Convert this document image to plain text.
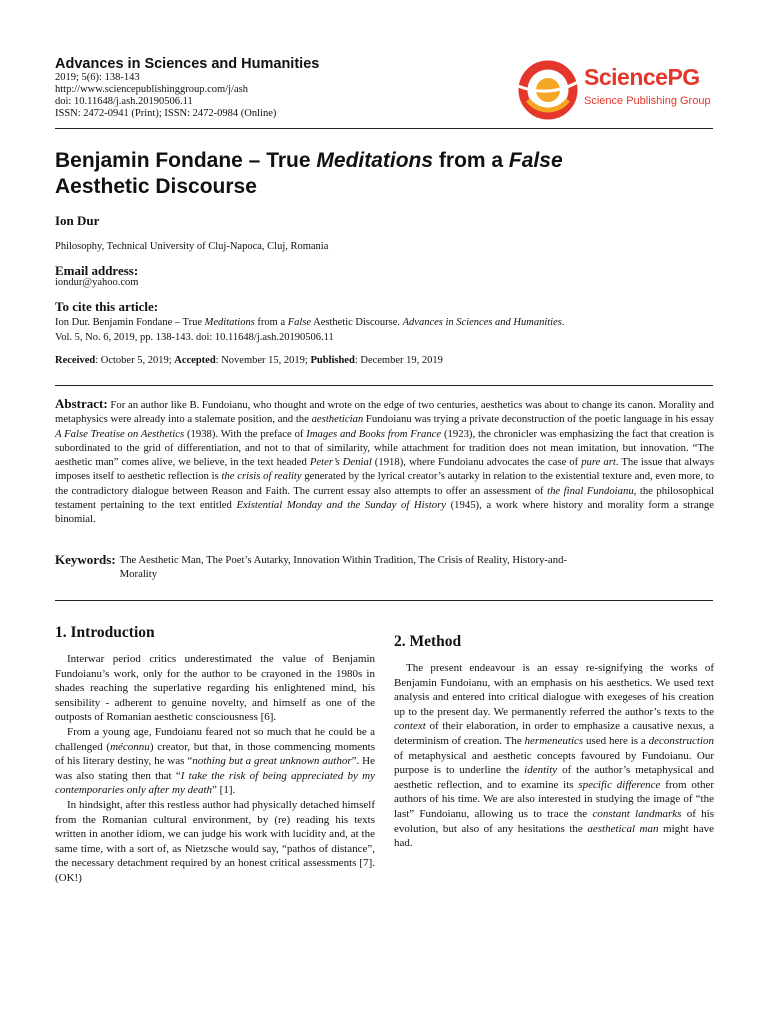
Advances in Sciences and Humanities
2019; 5(6): 138-143
http://www.sciencepublishinggroup.com/j/ash
doi: 10.11648/j.ash.20190506.11
ISSN: 2472-0941 (Print); ISSN: 2472-0984 (Online)
SciencePG
Science Publishing Group
Benjamin Fondane – True Meditations from a False
Aesthetic Discourse
Ion Dur
Philosophy, Technical University of Cluj-Napoca, Cluj, Romania
Email address:
iondur@yahoo.com
To cite this article:
Ion Dur. Benjamin Fondane – True Meditations from a False Aesthetic Discourse. Advances in Sciences and Humanities.
Vol. 5, No. 6, 2019, pp. 138-143. doi: 10.11648/j.ash.20190506.11
Received: October 5, 2019; Accepted: November 15, 2019; Published: December 19, 2019
Abstract: For an author like B. Fundoianu, who thought and wrote on the edge of two centuries, aesthetics was about to change its canon. Morality and metaphysics were already into a stalemate position, and the aesthetician Fundoianu was trying a private deconstruction of the poetic language in his essay A False Treatise on Aesthetics (1938). With the preface of Images and Books from France (1923), the chronicler was emphasizing the fact that creation is subordinated to the grid of differentiation, and not to that of similarity, while attachment for tradition does not mean imitation, but innovation. “The aesthetic man” comes alive, we believe, in the text headed Peter’s Denial (1918), where Fundoianu advocates the case of pure art. The issue that always imposes itself to aesthetic reflection is the crisis of reality generated by the lyrical creator’s autarky in relation to the existential texture and, even more, to the contradictory dialogue between Reason and Faith. The current essay also attempts to offer an assessment of the final Fundoianu, the philosophical testament pertaining to the text entitled Existential Monday and the Sunday of History (1945), a work where history and morality form a strange binomial.
Keywords: The Aesthetic Man, The Poet’s Autarky, Innovation Within Tradition, The Crisis of Reality, History-and-Morality
1. Introduction

Interwar period critics underestimated the value of Benjamin Fundoianu’s work, only for the author to be crayoned in the 1980s in shades reaching the superlative regarding his enlightened mind, his sensibility - adherent to genuine novelty, and himself as one of the outposts of Romanian aesthetic consciousness [6].

From a young age, Fundoianu feared not so much that he could be a challenged (méconnu) creator, but that, in those commencing moments of his literary destiny, he was “nothing but a great unknown author”. He was also stating then that “I take the risk of being appreciated by my contemporaries only after my death” [1].

In hindsight, after this restless author had physically detached himself from the Romanian cultural environment, by (re) reading his texts written in another idiom, we can judge his work with lucidity and, at the same time, with a sort of, as Nietzsche would say, “pathos of distance”, the necessary detachment required by an honest critical assessments [7]. (OK!)

2. Method

The present endeavour is an essay re-signifying the works of Benjamin Fundoianu, with an emphasis on his aesthetics. We used text analysis and entered into critical dialogue with exegeses of his creation up to the present day. We permanently referred the author’s texts to the context of their elaboration, in order to emphasize a causative nexus, a determinism of creation. The hermeneutics used here is a deconstruction of metaphysical and aesthetic concepts favoured by Fundoianu. Our purpose is to underline the identity of the author’s metaphysical and aesthetic reflection, and to examine its specific difference from other authors of his time. We are also interested in studying the image of “the last” Fundoianu, allowing us to trace the constant landmarks of his evolution, but also of any hesitations the aesthetical man might have had.
